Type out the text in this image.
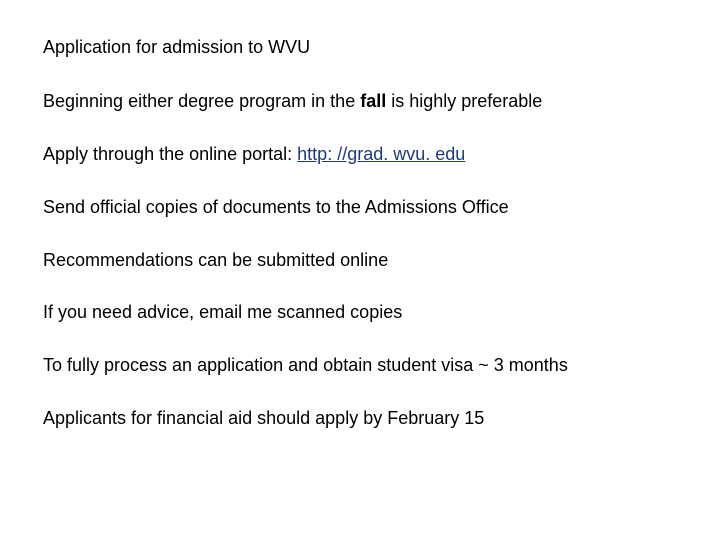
Application for admission to WVU

Beginning either degree program in the fall is highly preferable

Apply through the online portal: http: //grad. wvu. edu

Send official copies of documents to the Admissions Office

Recommendations can be submitted online

If you need advice, email me scanned copies

To fully process an application and obtain student visa ~ 3 months

Applicants for financial aid should apply by February 15
